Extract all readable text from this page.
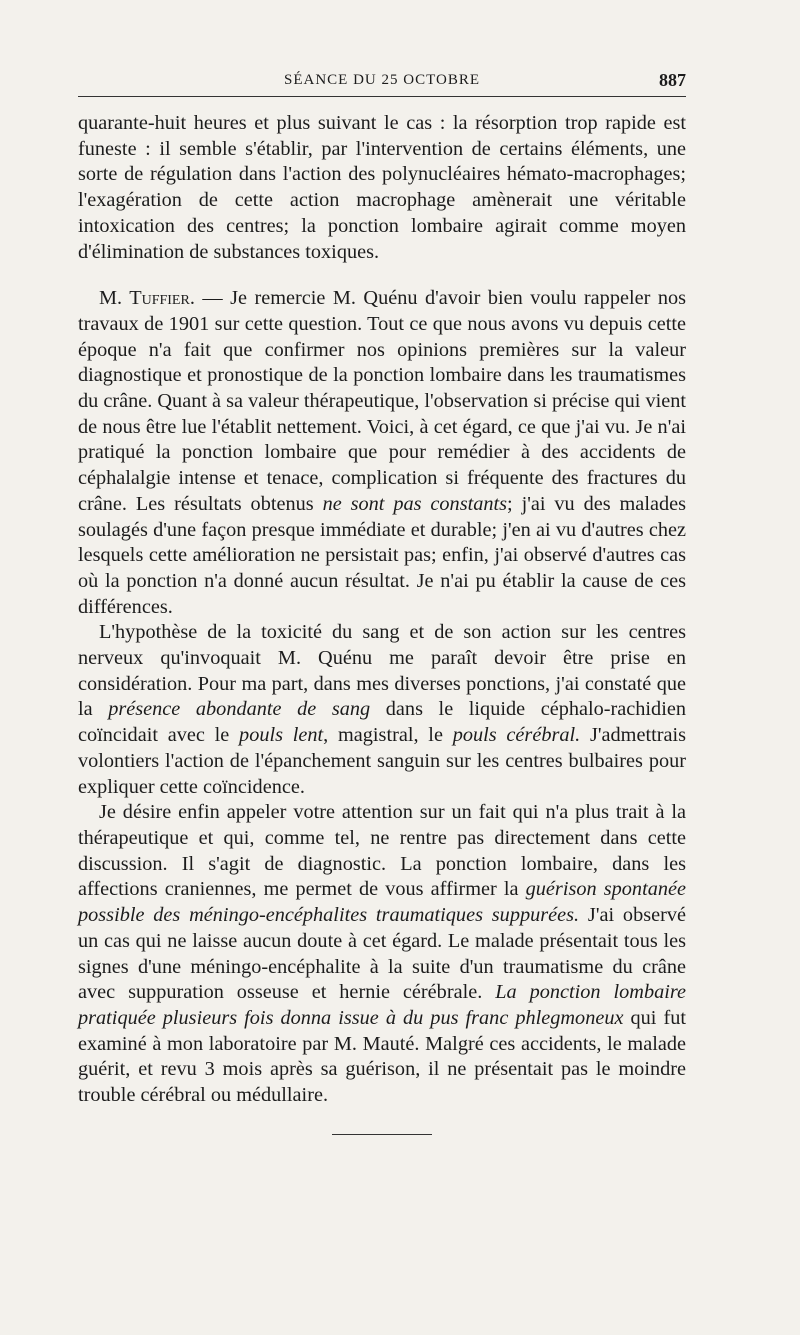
SÉANCE DU 25 OCTOBRE	887

quarante-huit heures et plus suivant le cas : la résorption trop rapide est funeste : il semble s'établir, par l'intervention de certains éléments, une sorte de régulation dans l'action des polynucléaires hémato-macrophages; l'exagération de cette action macrophage amènerait une véritable intoxication des centres; la ponction lombaire agirait comme moyen d'élimination de substances toxiques.

M. Tuffier. — Je remercie M. Quénu d'avoir bien voulu rappeler nos travaux de 1901 sur cette question. Tout ce que nous avons vu depuis cette époque n'a fait que confirmer nos opinions premières sur la valeur diagnostique et pronostique de la ponction lombaire dans les traumatismes du crâne. Quant à sa valeur thérapeutique, l'observation si précise qui vient de nous être lue l'établit nettement. Voici, à cet égard, ce que j'ai vu. Je n'ai pratiqué la ponction lombaire que pour remédier à des accidents de céphalalgie intense et tenace, complication si fréquente des fractures du crâne. Les résultats obtenus ne sont pas constants; j'ai vu des malades soulagés d'une façon presque immédiate et durable; j'en ai vu d'autres chez lesquels cette amélioration ne persistait pas; enfin, j'ai observé d'autres cas où la ponction n'a donné aucun résultat. Je n'ai pu établir la cause de ces différences.

L'hypothèse de la toxicité du sang et de son action sur les centres nerveux qu'invoquait M. Quénu me paraît devoir être prise en considération. Pour ma part, dans mes diverses ponctions, j'ai constaté que la présence abondante de sang dans le liquide céphalo-rachidien coïncidait avec le pouls lent, magistral, le pouls cérébral. J'admettrais volontiers l'action de l'épanchement sanguin sur les centres bulbaires pour expliquer cette coïncidence.

Je désire enfin appeler votre attention sur un fait qui n'a plus trait à la thérapeutique et qui, comme tel, ne rentre pas directement dans cette discussion. Il s'agit de diagnostic. La ponction lombaire, dans les affections craniennes, me permet de vous affirmer la guérison spontanée possible des méningo-encéphalites traumatiques suppurées. J'ai observé un cas qui ne laisse aucun doute à cet égard. Le malade présentait tous les signes d'une méningo-encéphalite à la suite d'un traumatisme du crâne avec suppuration osseuse et hernie cérébrale. La ponction lombaire pratiquée plusieurs fois donna issue à du pus franc phlegmoneux qui fut examiné à mon laboratoire par M. Mauté. Malgré ces accidents, le malade guérit, et revu 3 mois après sa guérison, il ne présentait pas le moindre trouble cérébral ou médullaire.
